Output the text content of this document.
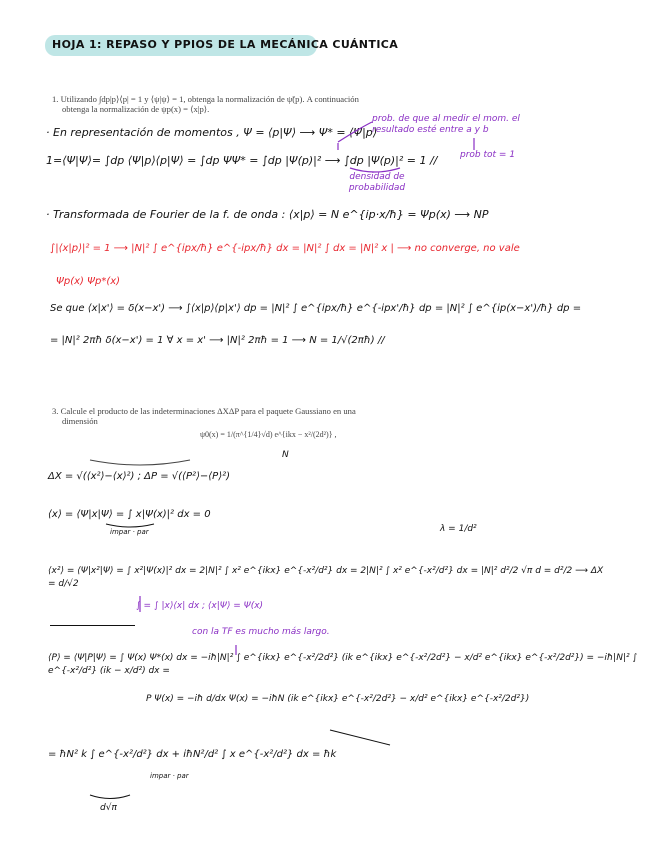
HOJA 1: REPASO Y PPIOS DE LA MECÁNICA CUÁNTICA
1. Utilizando ∫dp|p⟩⟨p| = 1 y ⟨ψ|ψ⟩ = 1, obtenga la normalización de ψ̃(p). A continuación
obtenga la normalización de ψp(x) = ⟨x|p⟩.
· En representación de momentos , Ψ = ⟨p|Ψ⟩ ⟶ Ψ* = ⟨Ψ|p⟩
prob. de que al medir el mom. el resultado esté entre a y b
1=⟨Ψ|Ψ⟩= ∫dp ⟨Ψ|p⟩⟨p|Ψ⟩ = ∫dp ΨΨ* = ∫dp |Ψ(p)|² ⟶ ∫dp |Ψ(p)|² = 1 //	prob tot = 1
densidad de probabilidad
· Transformada de Fourier de la f. de onda : ⟨x|p⟩ = N e^{ip·x/ħ} = Ψp(x) ⟶ NP
∫|⟨x|p⟩|² = 1 ⟶ |N|² ∫ e^{ipx/ħ} e^{-ipx/ħ} dx = |N|² ∫ dx = |N|² x | ⟶ no converge, no vale
Ψp(x) Ψp*(x)
Se que ⟨x|x'⟩ = δ(x−x') ⟶ ∫⟨x|p⟩⟨p|x'⟩ dp = |N|² ∫ e^{ipx/ħ} e^{-ipx'/ħ} dp = |N|² ∫ e^{ip(x−x')/ħ} dp =
= |N|² 2πħ δ(x−x') = 1 ∀ x = x' ⟶ |N|² 2πħ = 1 ⟶ N = 1/√(2πħ) //
3. Calcule el producto de las indeterminaciones ΔXΔP para el paquete Gaussiano en una
dimensión
ψ0(x) = 1/(π^{1/4}√d) e^{ikx − x²/(2d²)} ,
N
ΔX = √(⟨x²⟩−⟨x⟩²) ; ΔP = √(⟨P²⟩−⟨P⟩²)
⟨x⟩ = ⟨Ψ|x|Ψ⟩ = ∫ x|Ψ(x)|² dx = 0
impar · par	λ = 1/d²
⟨x²⟩ = ⟨Ψ|x²|Ψ⟩ = ∫ x²|Ψ(x)|² dx = 2|N|² ∫ x² e^{ikx} e^{-x²/d²} dx = 2|N|² ∫ x² e^{-x²/d²} dx = |N|² d²/2 √π d = d²/2 ⟶ ΔX = d/√2
∫ = ∫ |x⟩⟨x| dx ; ⟨x|Ψ⟩ = Ψ(x)
con la TF es mucho más largo.
⟨P⟩ = ⟨Ψ|P|Ψ⟩ = ∫ Ψ(x) Ψ*(x) dx = −iħ|N|² ∫ e^{ikx} e^{-x²/2d²} (ik e^{ikx} e^{-x²/2d²} − x/d² e^{ikx} e^{-x²/2d²}) = −iħ|N|² ∫ e^{-x²/d²} (ik − x/d²) dx =
P Ψ(x) = −iħ d/dx Ψ(x) = −iħN (ik e^{ikx} e^{-x²/2d²} − x/d² e^{ikx} e^{-x²/2d²})
= ħN² k ∫ e^{-x²/d²} dx + iħN²/d² ∫ x e^{-x²/d²} dx = ħk
d√π
impar · par
